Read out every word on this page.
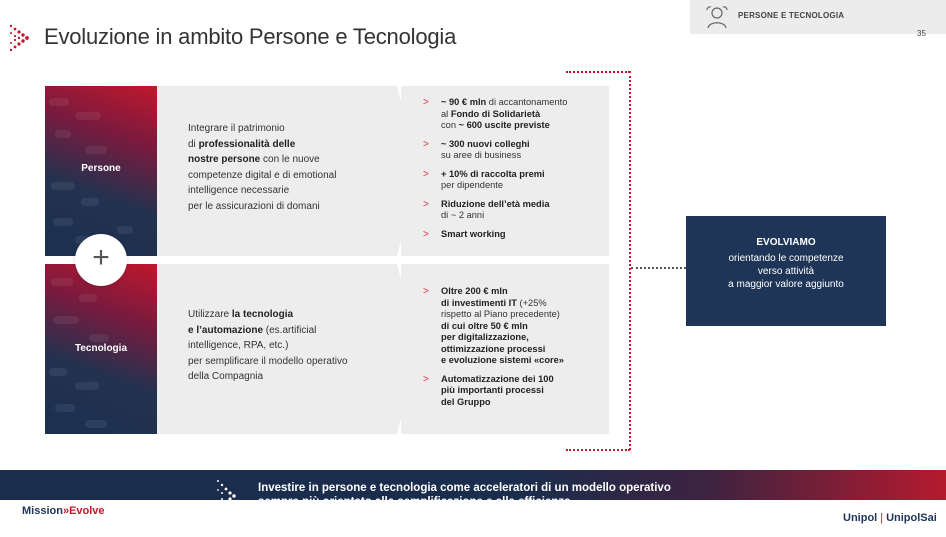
Evoluzione in ambito Persone e Tecnologia
PERSONE E TECNOLOGIA
35
Persone
Integrare il patrimonio
di professionalità delle
nostre persone con le nuove
competenze digital e di emotional
intelligence necessarie
per le assicurazioni di domani
Tecnologia
Utilizzare la tecnologia
e l’automazione (es.artificial
intelligence, RPA, etc.)
per semplificare il modello operativo
della Compagnia
+
> ~ 90 € mln di accantonamento
al Fondo di Solidarietà
con ~ 600 uscite previste
> ~ 300 nuovi colleghi
su aree di business
> + 10% di raccolta premi
per dipendente
> Riduzione dell’età media
di ~ 2 anni
> Smart working
> Oltre 200 € mln
di investimenti IT (+25%
rispetto al Piano precedente)
di cui oltre 50 € mln
per digitalizzazione,
ottimizzazione processi
e evoluzione sistemi «core»
> Automatizzazione dei 100
più importanti processi
del Gruppo
EVOLVIAMO
orientando le competenze
verso attività
a maggior valore aggiunto
Investire in persone e tecnologia come acceleratori di un modello operativo
sempre più orientato alla semplificazione e alla efficienza
Mission»Evolve
Unipol | UnipolSai
